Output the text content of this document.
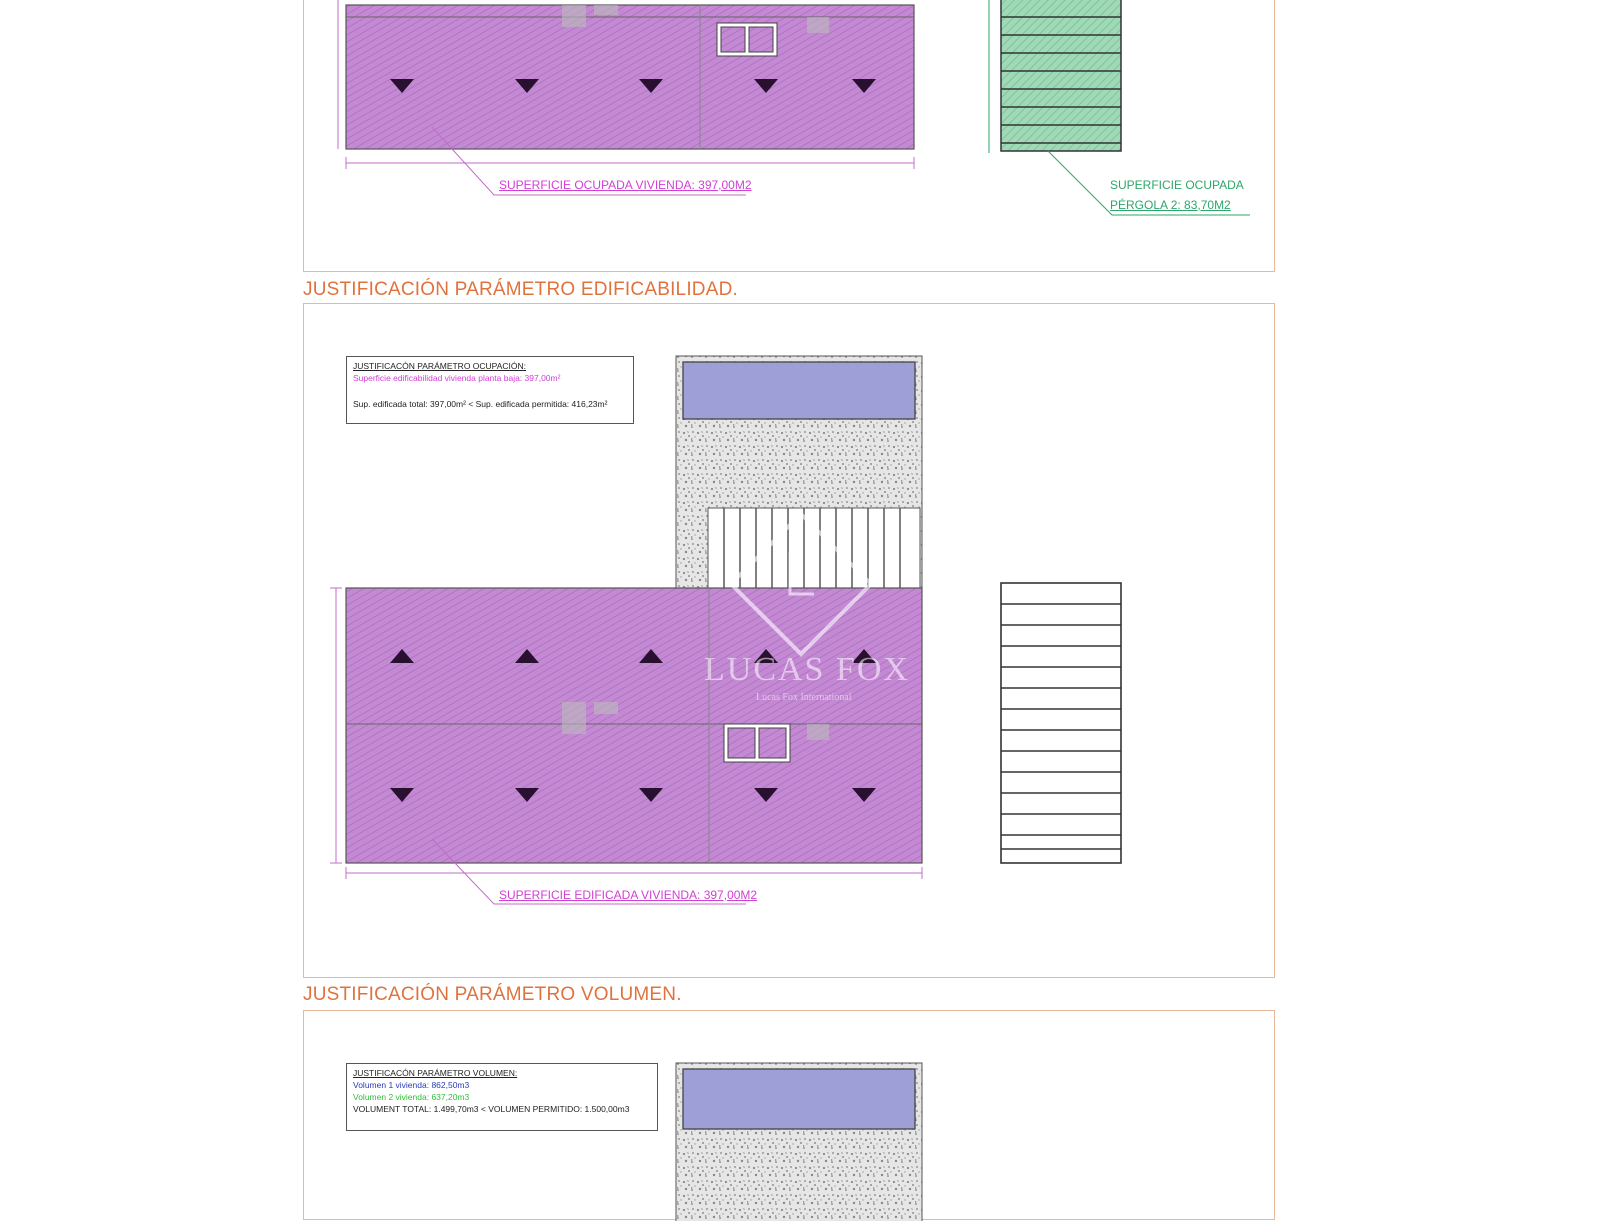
SUPERFICIE OCUPADA VIVIENDA: 397,00M2	SUPERFICIE OCUPADA
PÉRGOLA 2: 83,70M2
JUSTIFICACIÓN PARÁMETRO EDIFICABILIDAD.
JUSTIFICACÓN PARÁMETRO OCUPACIÓN:
Superficie edificabilidad vivienda planta baja: 397,00m²
Sup. edificada total: 397,00m² < Sup. edificada permitida: 416,23m²
SUPERFICIE EDIFICADA VIVIENDA: 397,00M2
LUCAS FOX
Lucas Fox International
JUSTIFICACIÓN PARÁMETRO VOLUMEN.
JUSTIFICACÓN PARÁMETRO VOLUMEN:
Volumen 1 vivienda: 862,50m3
Volumen 2 vivienda: 637,20m3
VOLUMENT TOTAL: 1.499,70m3 < VOLUMEN PERMITIDO: 1.500,00m3
